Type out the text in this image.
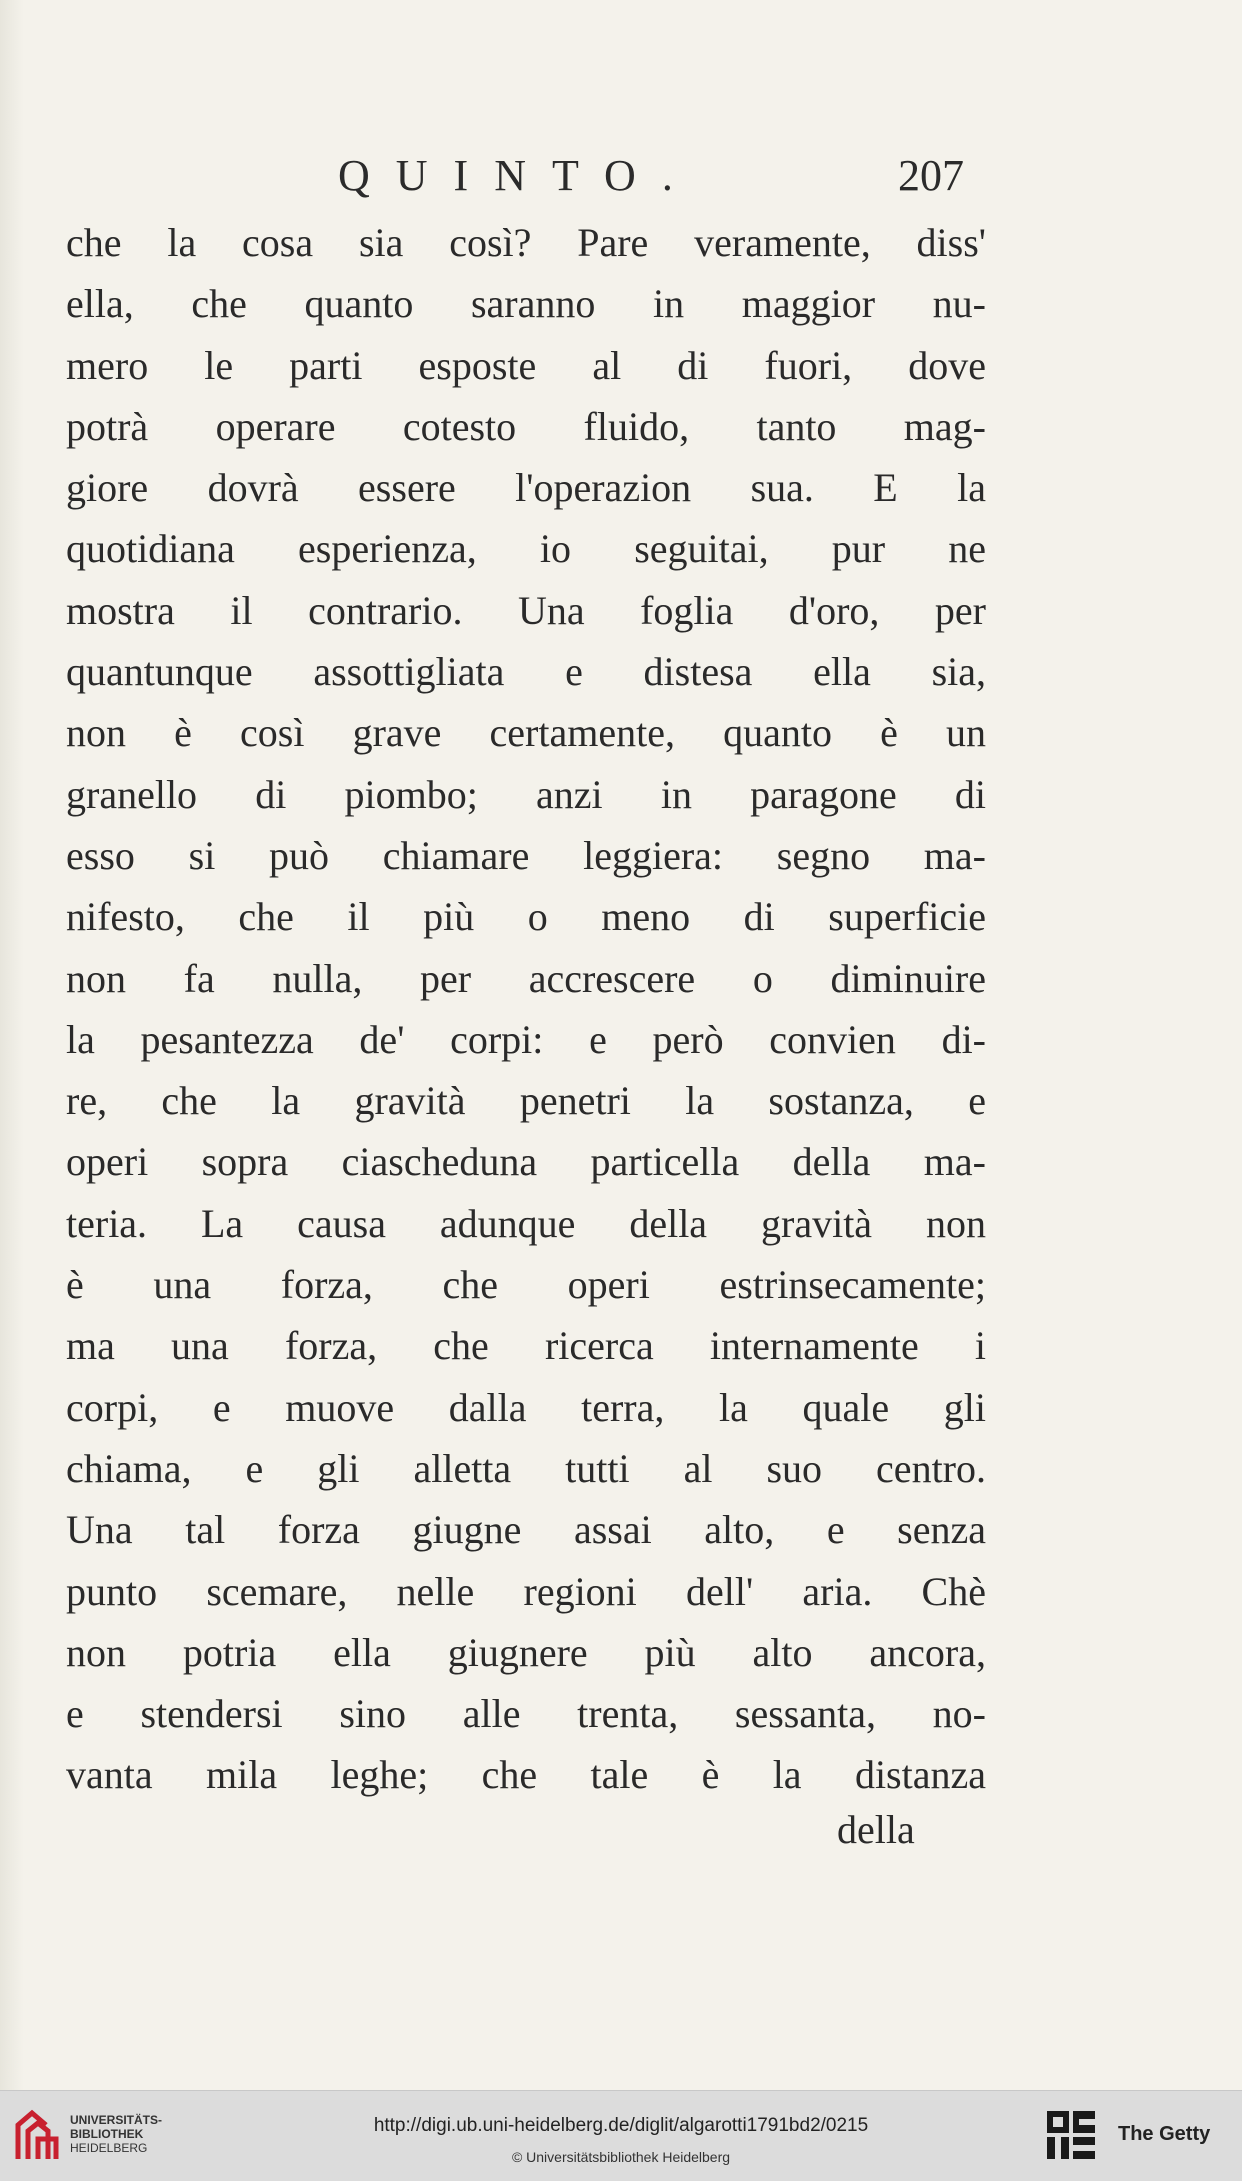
QUINTO.	207
che la cosa sia così? Pare veramente, diss'
ella, che quanto saranno in maggior nu-
mero le parti esposte al di fuori, dove
potrà operare cotesto fluido, tanto mag-
giore dovrà essere l'operazion sua. E la
quotidiana esperienza, io seguitai, pur ne
mostra il contrario. Una foglia d'oro, per
quantunque assottigliata e distesa ella sia,
non è così grave certamente, quanto è un
granello di piombo; anzi in paragone di
esso si può chiamare leggiera: segno ma-
nifesto, che il più o meno di superficie
non fa nulla, per accrescere o diminuire
la pesantezza de' corpi: e però convien di-
re, che la gravità penetri la sostanza, e
operi sopra ciascheduna particella della ma-
teria. La causa adunque della gravità non
è una forza, che operi estrinsecamente;
ma una forza, che ricerca internamente i
corpi, e muove dalla terra, la quale gli
chiama, e gli alletta tutti al suo centro.
Una tal forza giugne assai alto, e senza
punto scemare, nelle regioni dell' aria. Chè
non potria ella giugnere più alto ancora,
e stendersi sino alle trenta, sessanta, no-
vanta mila leghe; che tale è la distanza
della
UNIVERSITÄTS-
BIBLIOTHEK
HEIDELBERG
http://digi.ub.uni-heidelberg.de/diglit/algarotti1791bd2/0215
© Universitätsbibliothek Heidelberg
The Getty
